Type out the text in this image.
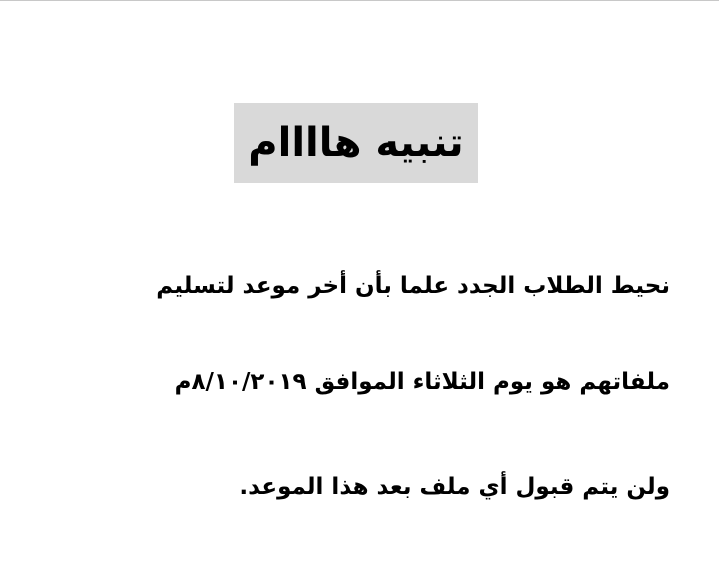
تنبيه هاااام
نحيط الطلاب الجدد علما بأن أخر موعد لتسليم
ملفاتهم هو يوم الثلاثاء الموافق ٨/١٠/٢٠١٩م
ولن يتم قبول أي ملف بعد هذا الموعد.
